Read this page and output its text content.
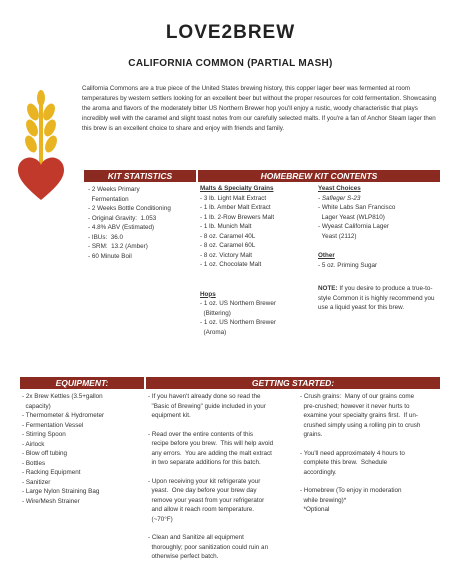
LOVE2BREW
CALIFORNIA COMMON (PARTIAL MASH)
California Commons are a true piece of the United States brewing history, this copper lager beer was fermented at room temperatures by western settlers looking for an excellent beer but without the proper resources for cold fermentation. Showcasing the aroma and flavors of the moderately bitter US Northern Brewer hop you'll enjoy a rustic, woody characteristic that plays incredibly well with the caramel and slight toast notes from our carefully selected malts. If you're a fan of Anchor Steam lager then this brew is an excellent choice to share and enjoy with friends and family.
KIT STATISTICS	HOMEBREW KIT CONTENTS
- 2 Weeks Primary
Fermentation
- 2 Weeks Bottle Conditioning
- Original Gravity:  1.053
- 4.8% ABV (Estimated)
- IBUs:  36.0
- SRM:  13.2 (Amber)
- 60 Minute Boil
Malts & Specialty Grains
- 3 lb. Light Malt Extract
- 1 lb. Amber Malt Extract
- 1 lb. 2-Row Brewers Malt
- 1 lb. Munich Malt
- 8 oz. Caramel 40L
- 8 oz. Caramel 60L
- 8 oz. Victory Malt
- 1 oz. Chocolate Malt
Hops
- 1 oz. US Northern Brewer
(Bittering)
- 1 oz. US Northern Brewer
(Aroma)
Yeast Choices
- Safleger S-23
- White Labs San Francisco
Lager Yeast (WLP810)
- Wyeast California Lager
Yeast (2112)
Other
- 5 oz. Priming Sugar
NOTE: If you desire to produce a true-to-style Common it is highly recommend you use a liquid yeast for this brew.
EQUIPMENT:	GETTING STARTED:
- 2x Brew Kettles (3.5+gallon
capacity)
- Thermometer & Hydrometer
- Fermentation Vessel
- Stirring Spoon
- Airlock
- Blow off tubing
- Bottles
- Racking Equipment
- Sanitizer
- Large Nylon Straining Bag
- Wire/Mesh Strainer
- If you haven't already done so read the
"Basic of Brewing" guide included in your
equipment kit.
- Read over the entire contents of this
recipe before you brew.  This will help avoid
any errors.  You are adding the malt extract
in two separate additions for this batch.
- Upon receiving your kit refrigerate your
yeast.  One day before your brew day
remove your yeast from your refrigerator
and allow it reach room temperature.
(~70°F)
- Clean and Sanitize all equipment
thoroughly; poor sanitization could ruin an
otherwise perfect batch.
- Crush grains:  Many of our grains come
pre-crushed; however it never hurts to
examine your specialty grains first.  If un-
crushed simply using a rolling pin to crush
grains.
- You'll need approximately 4 hours to
complete this brew.  Schedule
accordingly.
- Homebrew (To enjoy in moderation
while brewing)*
*Optional
